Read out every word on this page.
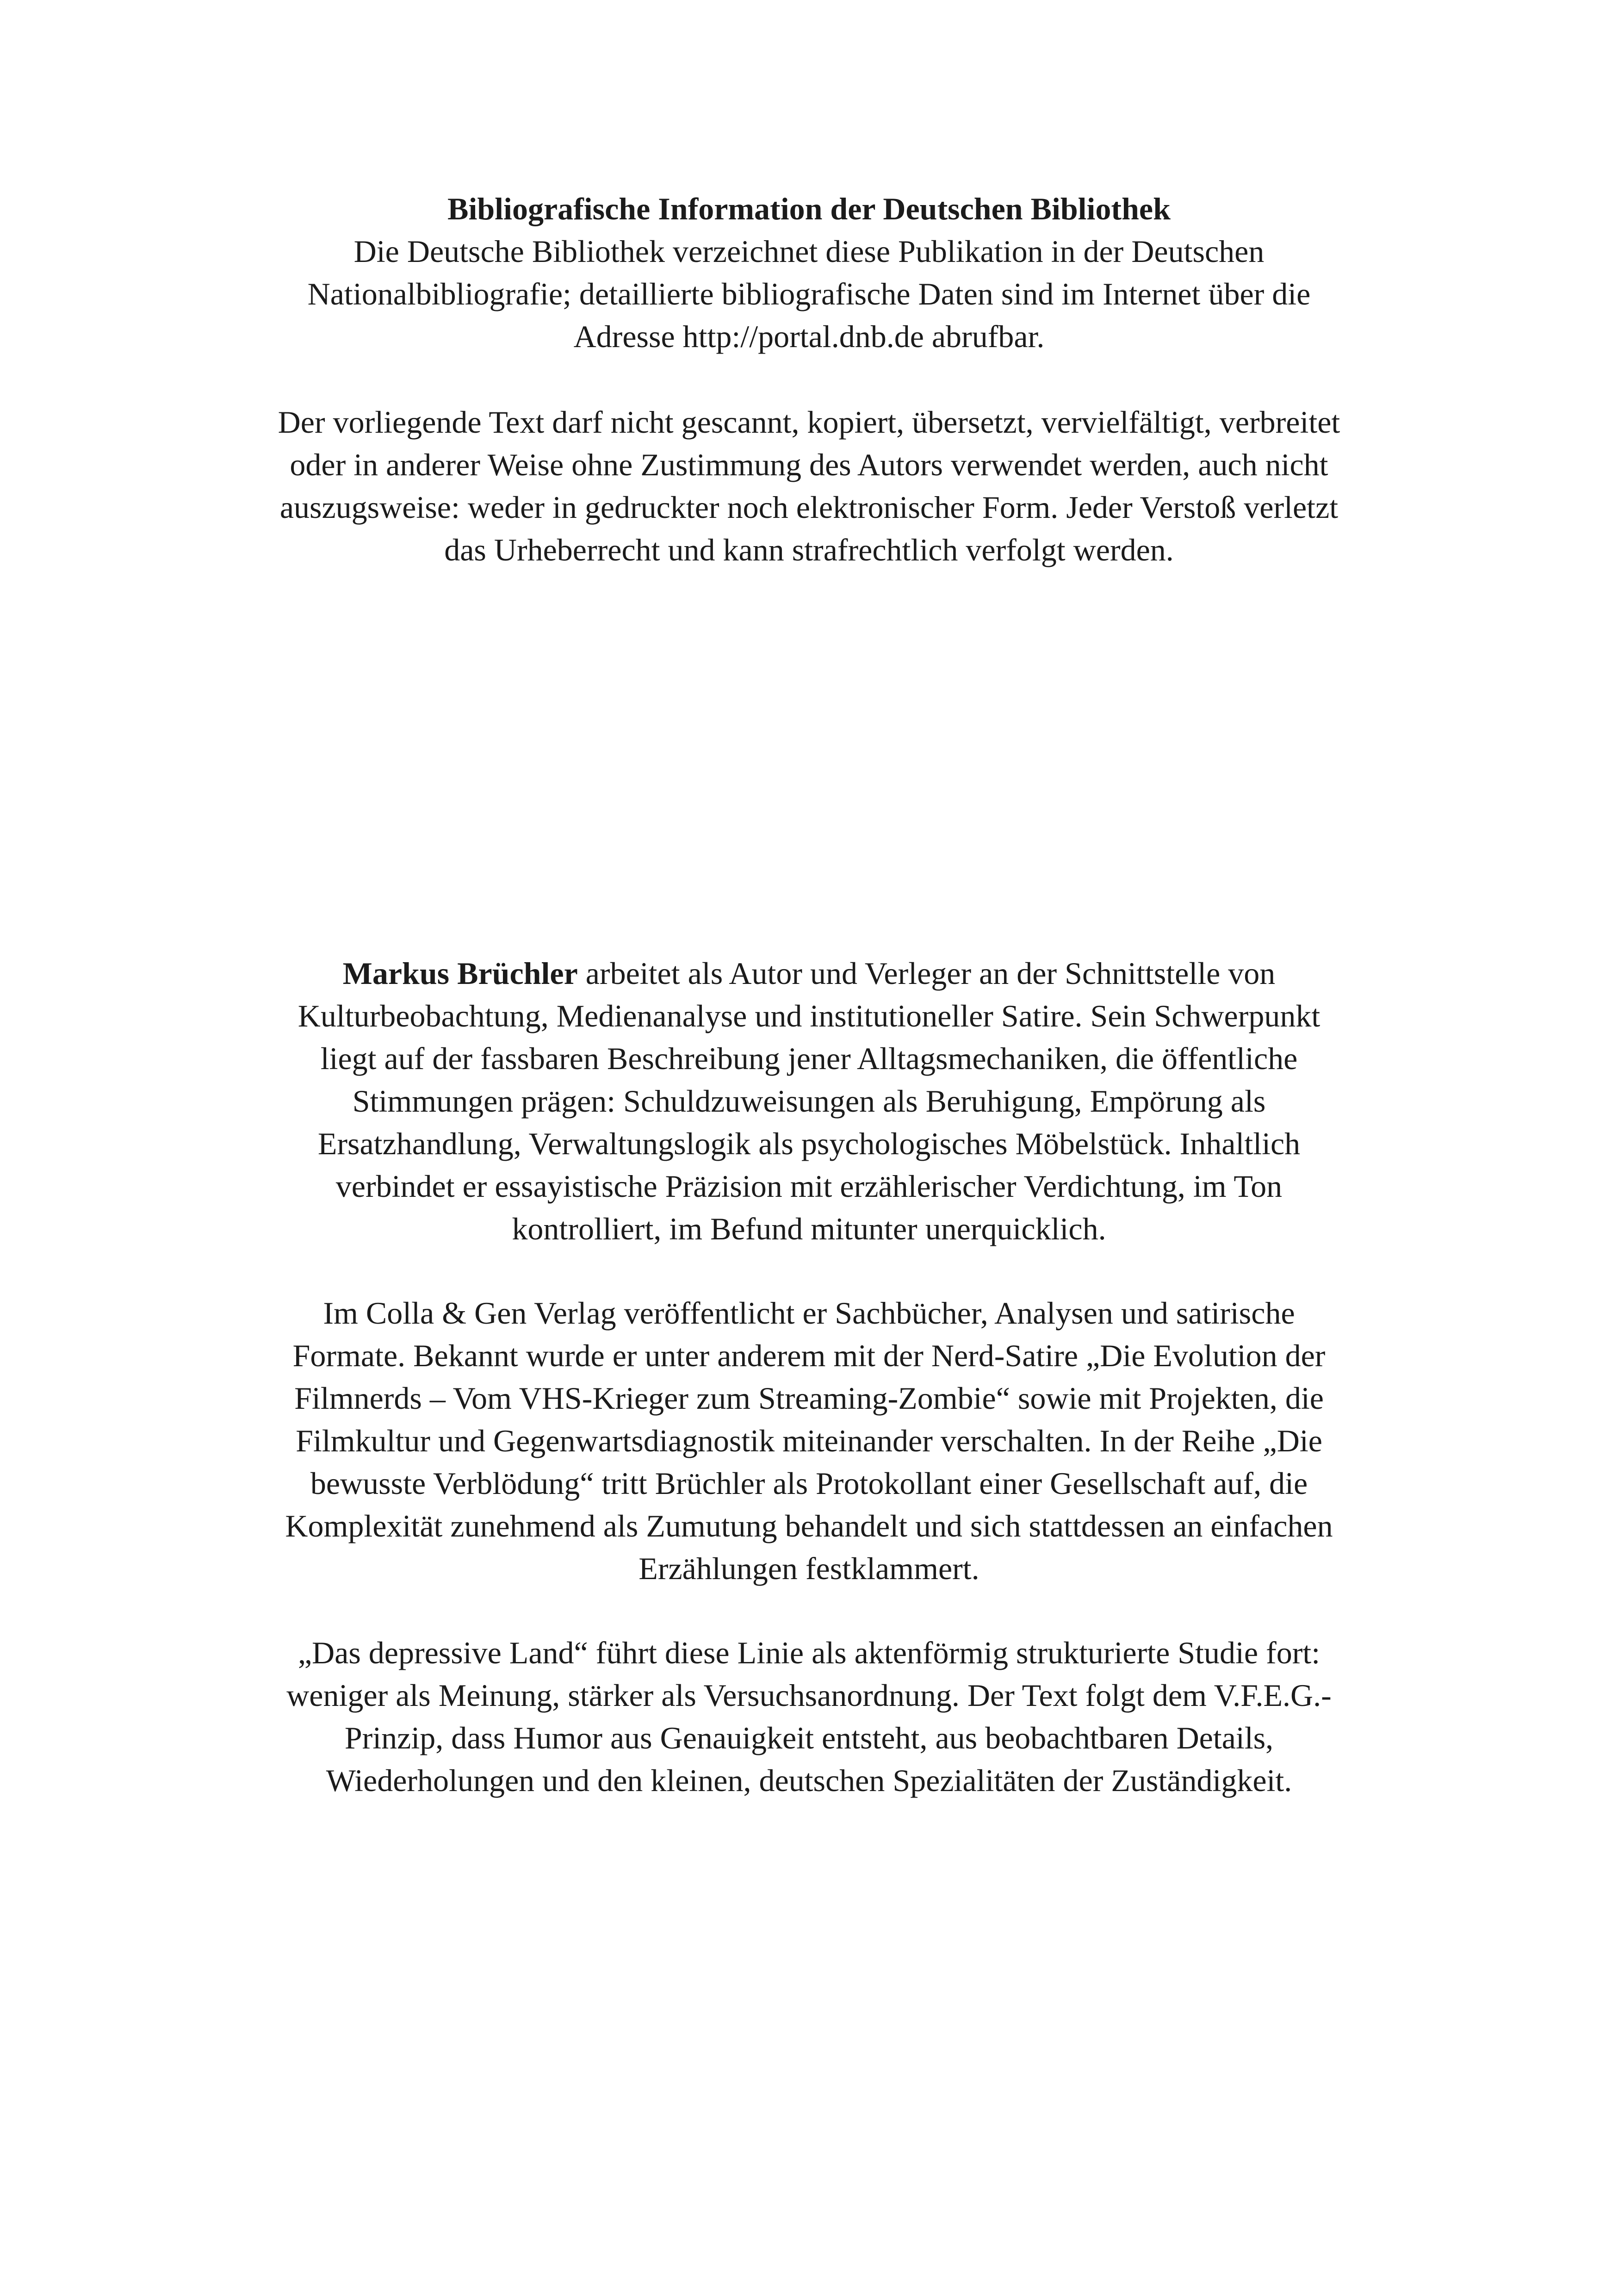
Bibliografische Information der Deutschen Bibliothek
Die Deutsche Bibliothek verzeichnet diese Publikation in der Deutschen
Nationalbibliografie; detaillierte bibliografische Daten sind im Internet über die
Adresse http://portal.dnb.de abrufbar.
Der vorliegende Text darf nicht gescannt, kopiert, übersetzt, vervielfältigt, verbreitet
oder in anderer Weise ohne Zustimmung des Autors verwendet werden, auch nicht
auszugsweise: weder in gedruckter noch elektronischer Form. Jeder Verstoß verletzt
das Urheberrecht und kann strafrechtlich verfolgt werden.
Markus Brüchler arbeitet als Autor und Verleger an der Schnittstelle von
Kulturbeobachtung, Medienanalyse und institutioneller Satire. Sein Schwerpunkt
liegt auf der fassbaren Beschreibung jener Alltagsmechaniken, die öffentliche
Stimmungen prägen: Schuldzuweisungen als Beruhigung, Empörung als
Ersatzhandlung, Verwaltungslogik als psychologisches Möbelstück. Inhaltlich
verbindet er essayistische Präzision mit erzählerischer Verdichtung, im Ton
kontrolliert, im Befund mitunter unerquicklich.
Im Colla & Gen Verlag veröffentlicht er Sachbücher, Analysen und satirische
Formate. Bekannt wurde er unter anderem mit der Nerd-Satire „Die Evolution der
Filmnerds – Vom VHS-Krieger zum Streaming-Zombie“ sowie mit Projekten, die
Filmkultur und Gegenwartsdiagnostik miteinander verschalten. In der Reihe „Die
bewusste Verblödung“ tritt Brüchler als Protokollant einer Gesellschaft auf, die
Komplexität zunehmend als Zumutung behandelt und sich stattdessen an einfachen
Erzählungen festklammert.
„Das depressive Land“ führt diese Linie als aktenförmig strukturierte Studie fort:
weniger als Meinung, stärker als Versuchsanordnung. Der Text folgt dem V.F.E.G.-
Prinzip, dass Humor aus Genauigkeit entsteht, aus beobachtbaren Details,
Wiederholungen und den kleinen, deutschen Spezialitäten der Zuständigkeit.
